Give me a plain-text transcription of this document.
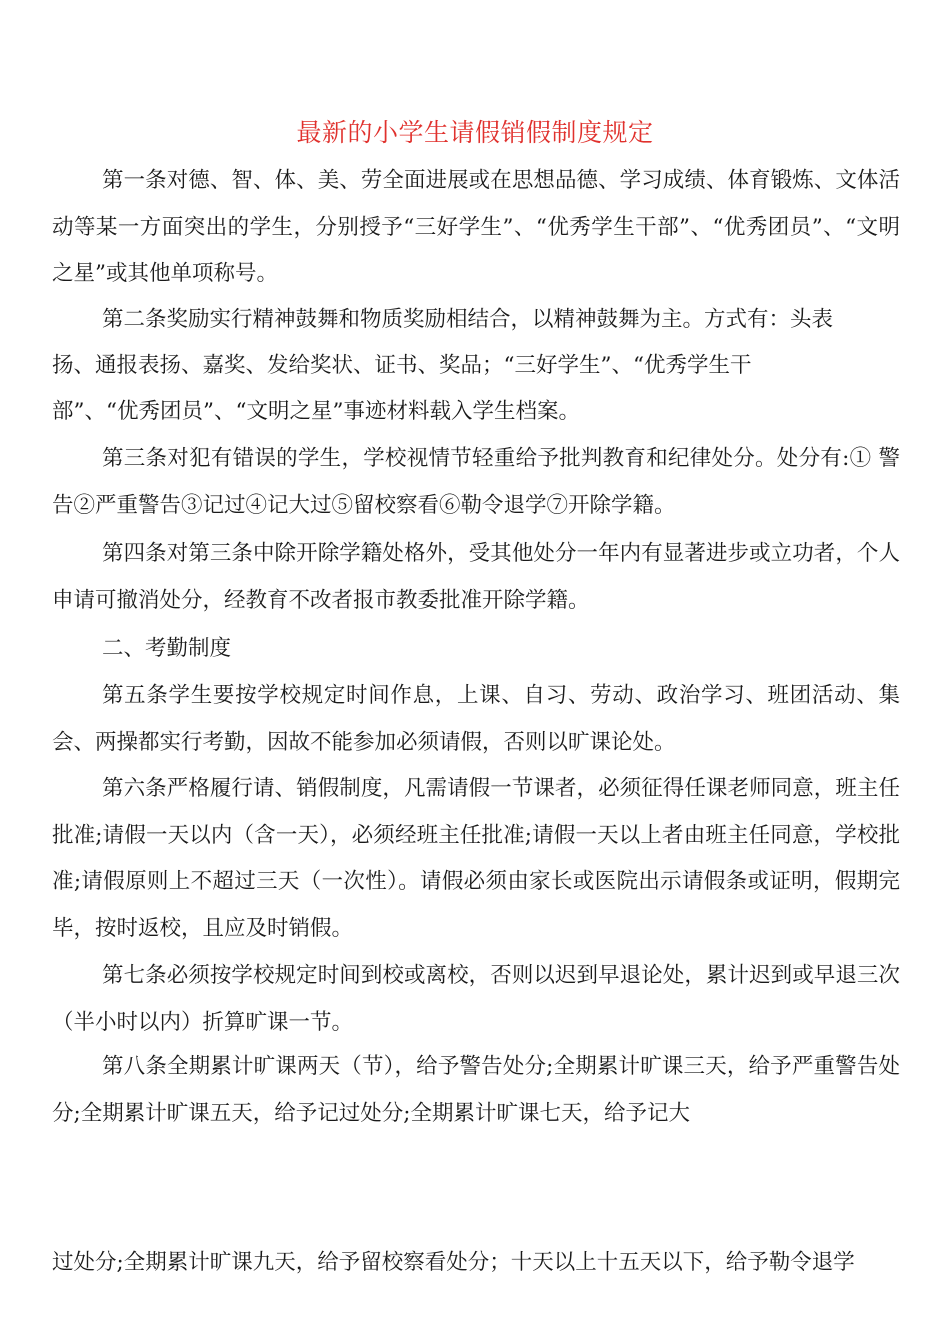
最新的小学生请假销假制度规定

第一条对德、智、体、美、劳全面进展或在思想品德、学习成绩、体育锻炼、文体活动等某一方面突出的学生，分别授予“三好学生”、“优秀学生干部”、“优秀团员”、“文明之星”或其他单项称号。

第二条奖励实行精神鼓舞和物质奖励相结合，以精神鼓舞为主。方式有：头表

扬、通报表扬、嘉奖、发给奖状、证书、奖品；“三好学生”、“优秀学生干

部”、“优秀团员”、“文明之星”事迹材料载入学生档案。

第三条对犯有错误的学生，学校视情节轻重给予批判教育和纪律处分。处分有:① 警告②严重警告③记过④记大过⑤留校察看⑥勒令退学⑦开除学籍。

第四条对第三条中除开除学籍处格外，受其他处分一年内有显著进步或立功者，个人申请可撤消处分，经教育不改者报市教委批准开除学籍。

二、考勤制度

第五条学生要按学校规定时间作息，上课、自习、劳动、政治学习、班团活动、集会、两操都实行考勤，因故不能参加必须请假，否则以旷课论处。

第六条严格履行请、销假制度，凡需请假一节课者，必须征得任课老师同意，班主任批准;请假一天以内（含一天），必须经班主任批准;请假一天以上者由班主任同意，学校批准;请假原则上不超过三天（一次性）。请假必须由家长或医院出示请假条或证明，假期完毕，按时返校，且应及时销假。

第七条必须按学校规定时间到校或离校，否则以迟到早退论处，累计迟到或早退三次（半小时以内）折算旷课一节。

第八条全期累计旷课两天（节），给予警告处分;全期累计旷课三天，给予严重警告处分;全期累计旷课五天，给予记过处分;全期累计旷课七天，给予记大

过处分;全期累计旷课九天，给予留校察看处分；十天以上十五天以下，给予勒令退学
